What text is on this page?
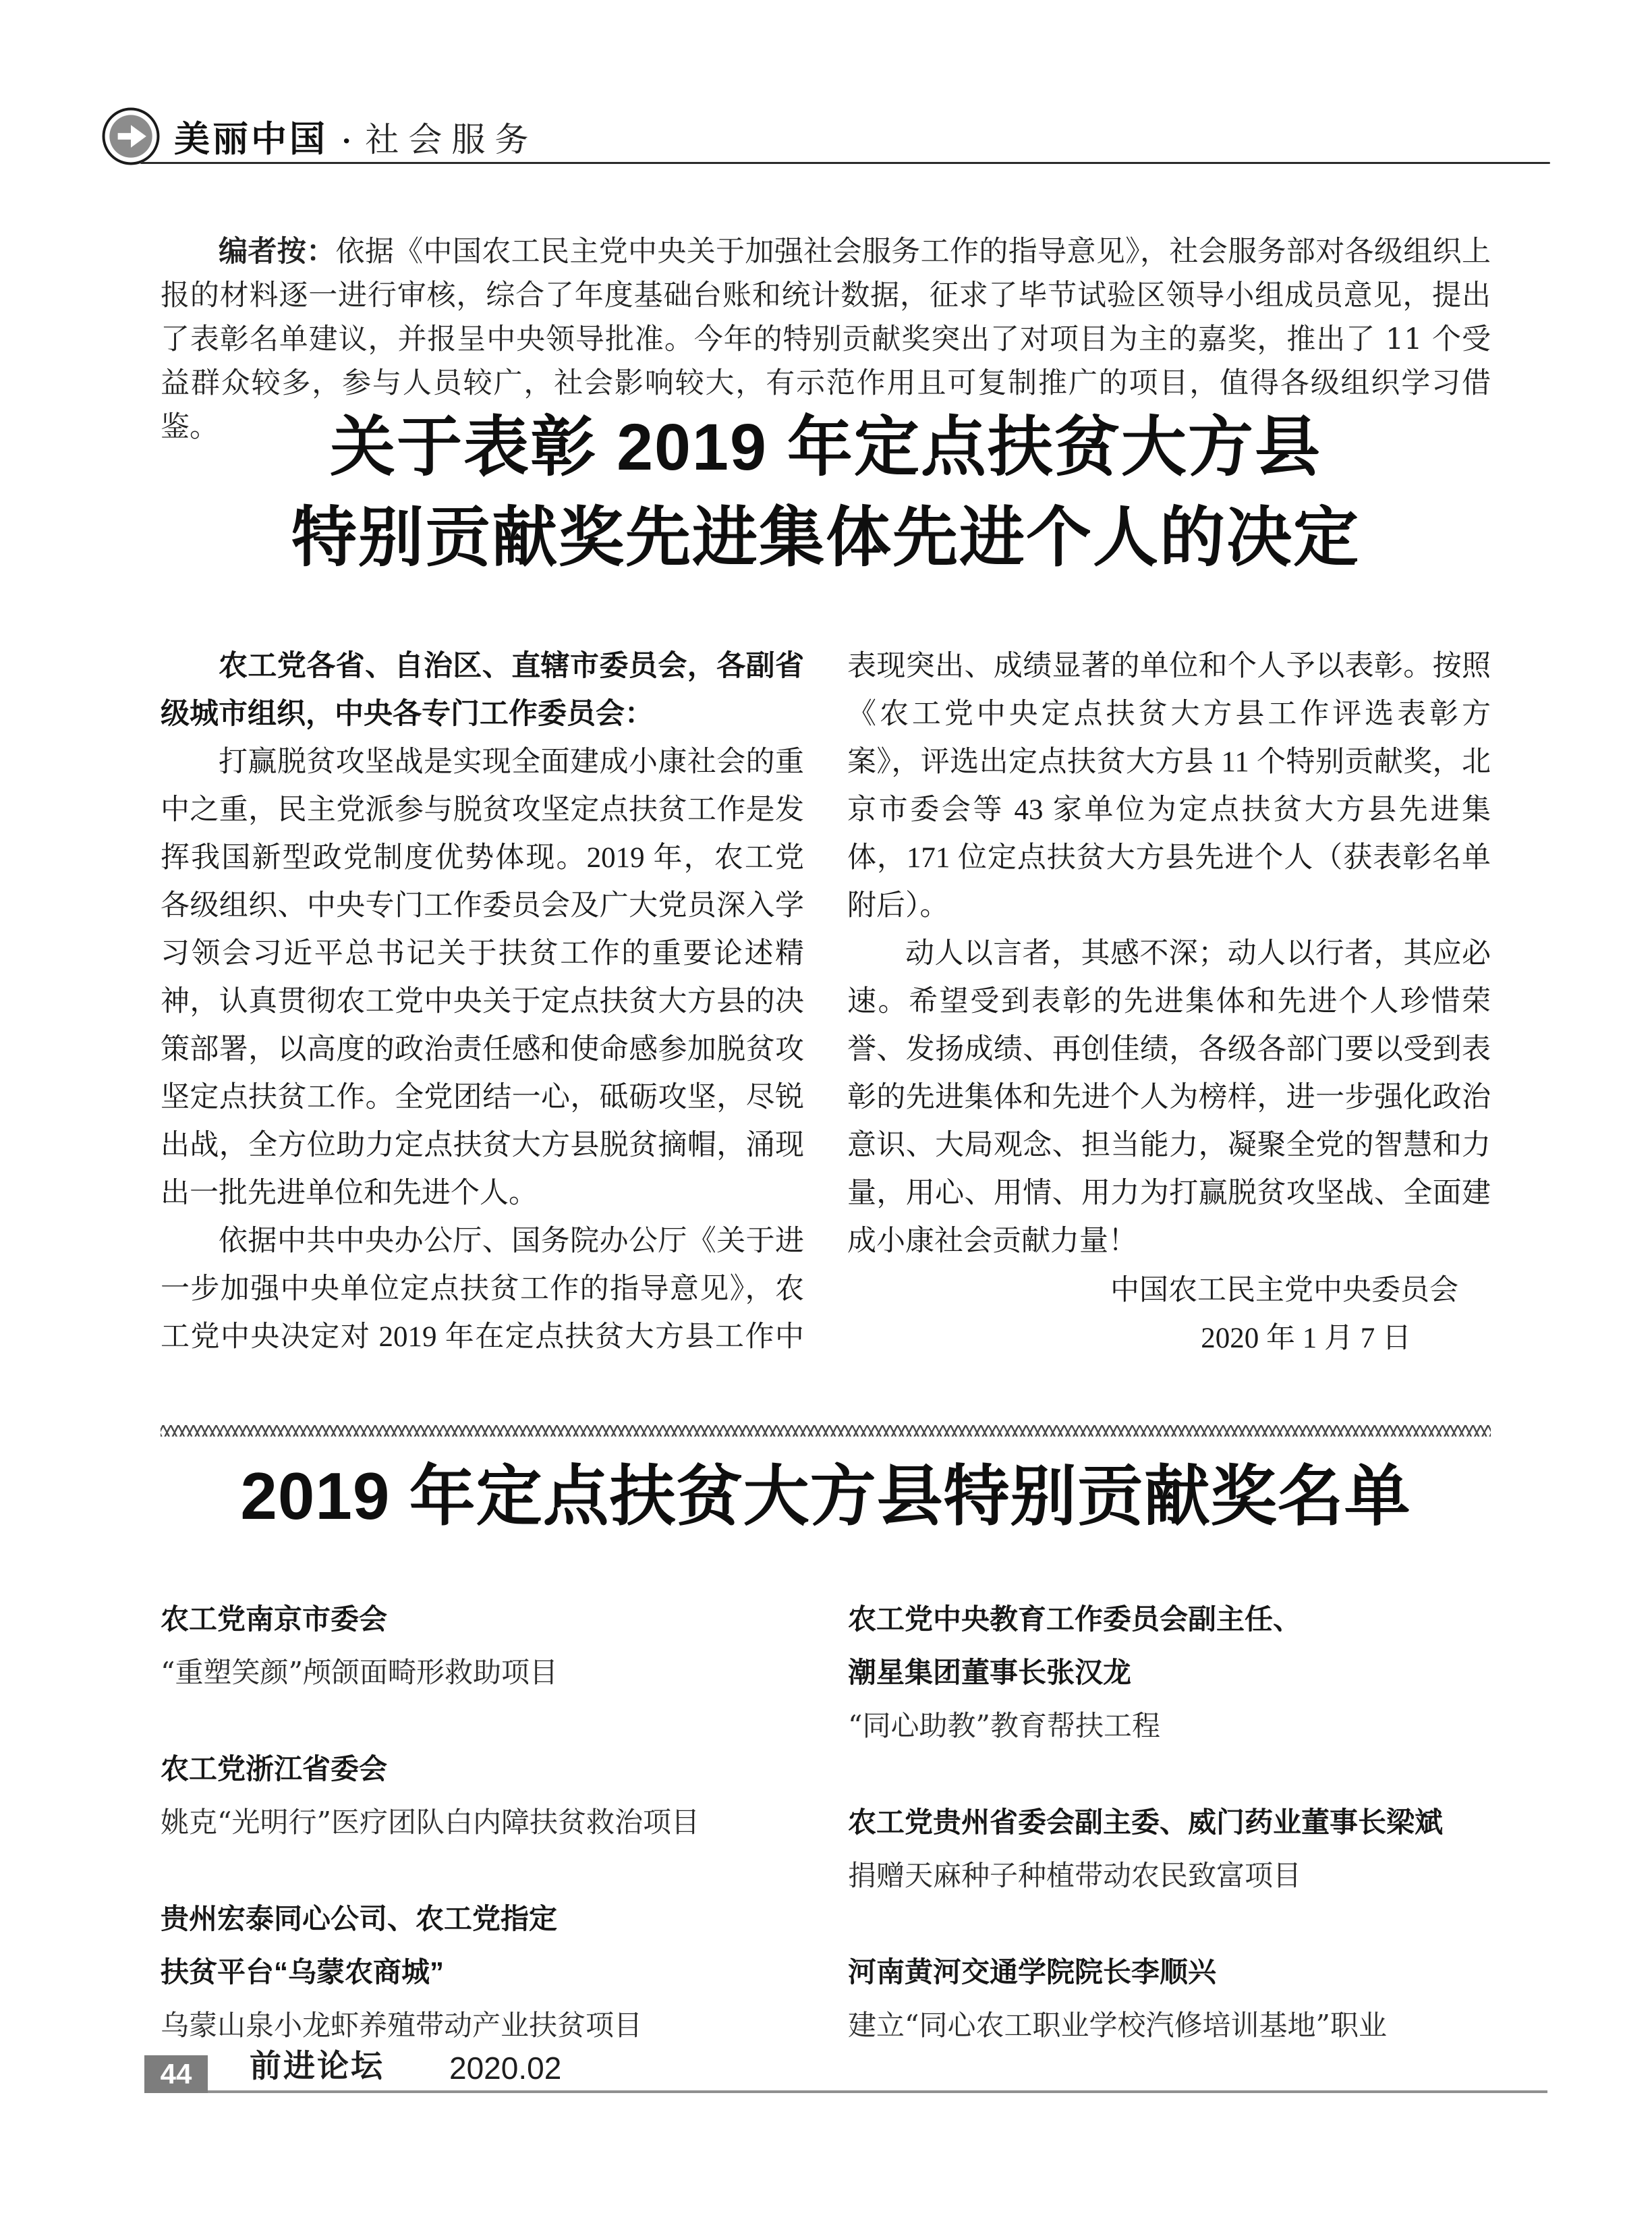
美丽中国 · 社会服务

编者按：依据《中国农工民主党中央关于加强社会服务工作的指导意见》，社会服务部对各级组织上报的材料逐一进行审核，综合了年度基础台账和统计数据，征求了毕节试验区领导小组成员意见，提出了表彰名单建议，并报呈中央领导批准。今年的特别贡献奖突出了对项目为主的嘉奖，推出了 11 个受益群众较多，参与人员较广，社会影响较大，有示范作用且可复制推广的项目，值得各级组织学习借鉴。	关于表彰 2019 年定点扶贫大方县
特别贡献奖先进集体先进个人的决定

农工党各省、自治区、直辖市委员会，各副省级城市组织，中央各专门工作委员会：

打赢脱贫攻坚战是实现全面建成小康社会的重中之重，民主党派参与脱贫攻坚定点扶贫工作是发挥我国新型政党制度优势体现。2019 年，农工党各级组织、中央专门工作委员会及广大党员深入学习领会习近平总书记关于扶贫工作的重要论述精神，认真贯彻农工党中央关于定点扶贫大方县的决策部署，以高度的政治责任感和使命感参加脱贫攻坚定点扶贫工作。全党团结一心，砥砺攻坚，尽锐出战，全方位助力定点扶贫大方县脱贫摘帽，涌现出一批先进单位和先进个人。

依据中共中央办公厅、国务院办公厅《关于进一步加强中央单位定点扶贫工作的指导意见》，农工党中央决定对 2019 年在定点扶贫大方县工作中表现突出、成绩显著的单位和个人予以表彰。按照《农工党中央定点扶贫大方县工作评选表彰方案》，评选出定点扶贫大方县 11 个特别贡献奖，北京市委会等 43 家单位为定点扶贫大方县先进集体，171 位定点扶贫大方县先进个人（获表彰名单附后）。

动人以言者，其感不深；动人以行者，其应必速。希望受到表彰的先进集体和先进个人珍惜荣誉、发扬成绩、再创佳绩，各级各部门要以受到表彰的先进集体和先进个人为榜样，进一步强化政治意识、大局观念、担当能力，凝聚全党的智慧和力量，用心、用情、用力为打赢脱贫攻坚战、全面建成小康社会贡献力量！

中国农工民主党中央委员会

2020 年 1 月 7 日

2019 年定点扶贫大方县特别贡献奖名单
农工党南京市委会
“重塑笑颜”颅颌面畸形救助项目
农工党浙江省委会
姚克“光明行”医疗团队白内障扶贫救治项目
贵州宏泰同心公司、农工党指定
扶贫平台“乌蒙农商城”
乌蒙山泉小龙虾养殖带动产业扶贫项目
农工党中央教育工作委员会副主任、
潮星集团董事长张汉龙
“同心助教”教育帮扶工程
农工党贵州省委会副主委、威门药业董事长梁斌
捐赠天麻种子种植带动农民致富项目
河南黄河交通学院院长李顺兴
建立“同心农工职业学校汽修培训基地”职业
44	前进论坛 2020.02
